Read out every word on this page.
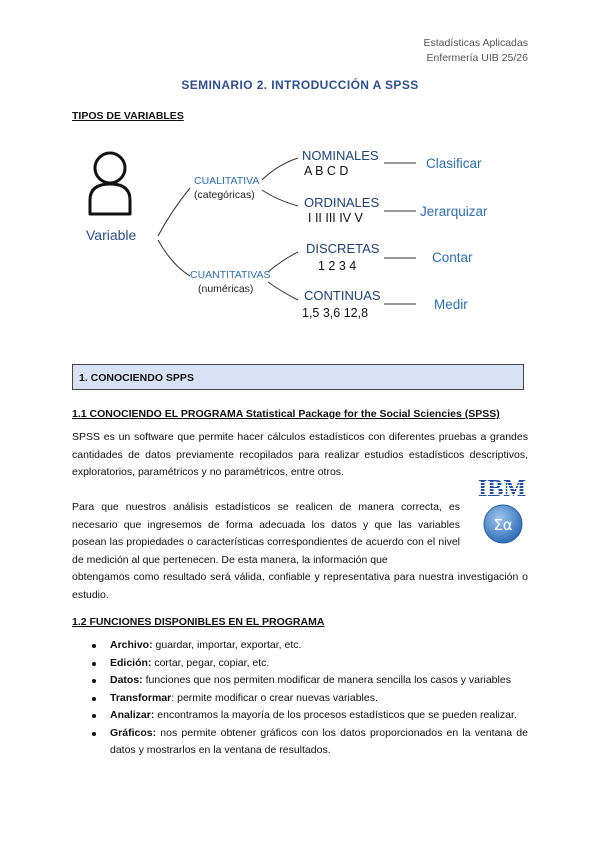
Estadísticas Aplicadas
Enfermería UIB 25/26
SEMINARIO 2. INTRODUCCIÓN A SPSS
TIPOS DE VARIABLES
Variable
CUALITATIVA
(categóricas)
CUANTITATIVAS
(numéricas)
NOMINALES
A B C D	Clasificar
ORDINALES
I II III IV V	Jerarquizar
DISCRETAS
1 2 3 4
Contar
CONTINUAS
1,5 3,6 12,8
Medir
1. CONOCIENDO SPPS
1.1 CONOCIENDO EL PROGRAMA Statistical Package for the Social Sciencies (SPSS)
SPSS es un software que permite hacer cálculos estadísticos con diferentes pruebas a grandes cantidades de datos previamente recopilados para realizar estudios estadísticos descriptivos, exploratorios, paramétricos y no paramétricos, entre otros.
Para que nuestros análisis estadísticos se realicen de manera correcta, es necesario que ingresemos de forma adecuada los datos y que las variables posean las propiedades o características correspondientes de acuerdo con el nivel de medición al que pertenecen. De esta manera, la información que
obtengamos como resultado será válida, confiable y representativa para nuestra investigación o estudio.
IBM
Σα
1.2 FUNCIONES DISPONIBLES EN EL PROGRAMA
Archivo: guardar, importar, exportar, etc.
Edición: cortar, pegar, copiar, etc.
Datos: funciones que nos permiten modificar de manera sencilla los casos y variables
Transformar: permite modificar o crear nuevas variables.
Analizar: encontramos la mayoría de los procesos estadísticos que se pueden realizar.
Gráficos: nos permite obtener gráficos con los datos proporcionados en la ventana de datos y mostrarlos en la ventana de resultados.
